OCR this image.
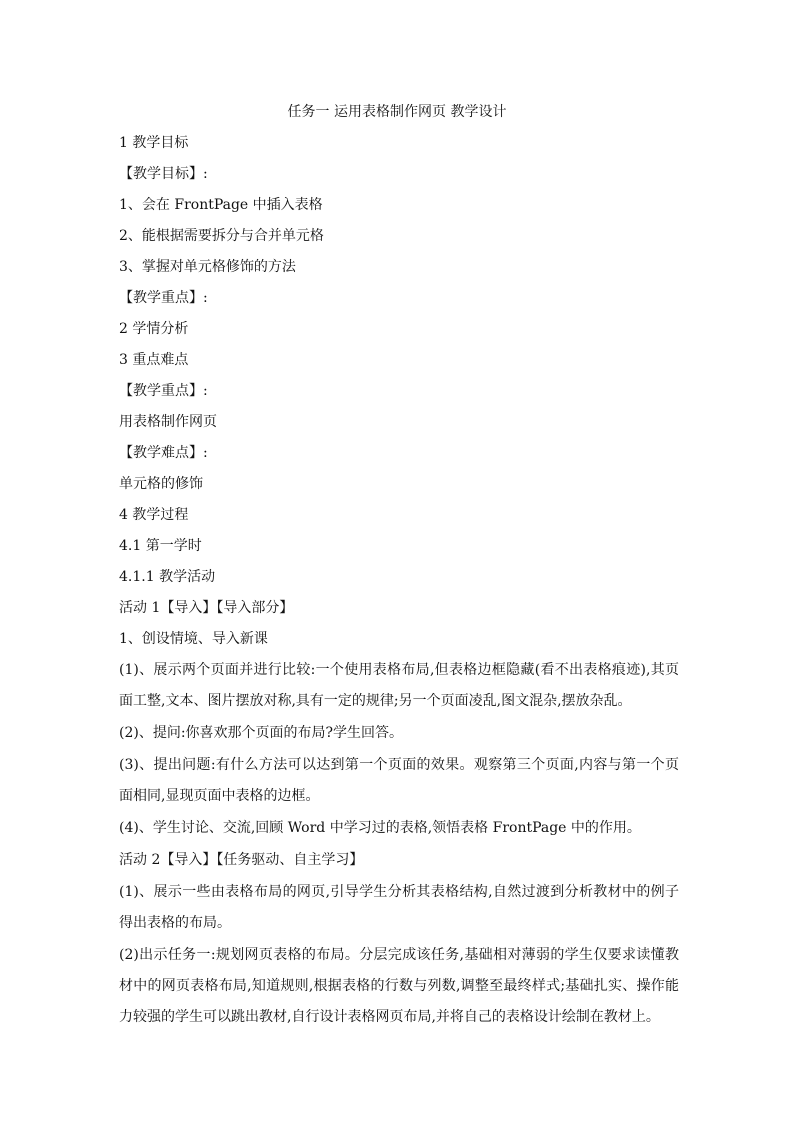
任务一 运用表格制作网页 教学设计
1 教学目标
【教学目标】:
1、会在 FrontPage 中插入表格
2、能根据需要拆分与合并单元格
3、掌握对单元格修饰的方法
【教学重点】:
2 学情分析
3 重点难点
【教学重点】:
用表格制作网页
【教学难点】:
单元格的修饰
4 教学过程
4.1 第一学时
4.1.1 教学活动
活动 1【导入】【导入部分】
1、创设情境、导入新课
(1)、展示两个页面并进行比较:一个使用表格布局,但表格边框隐藏(看不出表格痕迹),其页面工整,文本、图片摆放对称,具有一定的规律;另一个页面凌乱,图文混杂,摆放杂乱。
(2)、提问:你喜欢那个页面的布局?学生回答。
(3)、提出问题:有什么方法可以达到第一个页面的效果。观察第三个页面,内容与第一个页面相同,显现页面中表格的边框。
(4)、学生讨论、交流,回顾 Word 中学习过的表格,领悟表格 FrontPage 中的作用。
活动 2【导入】【任务驱动、自主学习】
(1)、展示一些由表格布局的网页,引导学生分析其表格结构,自然过渡到分析教材中的例子得出表格的布局。
(2)出示任务一:规划网页表格的布局。分层完成该任务,基础相对薄弱的学生仅要求读懂教材中的网页表格布局,知道规则,根据表格的行数与列数,调整至最终样式;基础扎实、操作能力较强的学生可以跳出教材,自行设计表格网页布局,并将自己的表格设计绘制在教材上。
